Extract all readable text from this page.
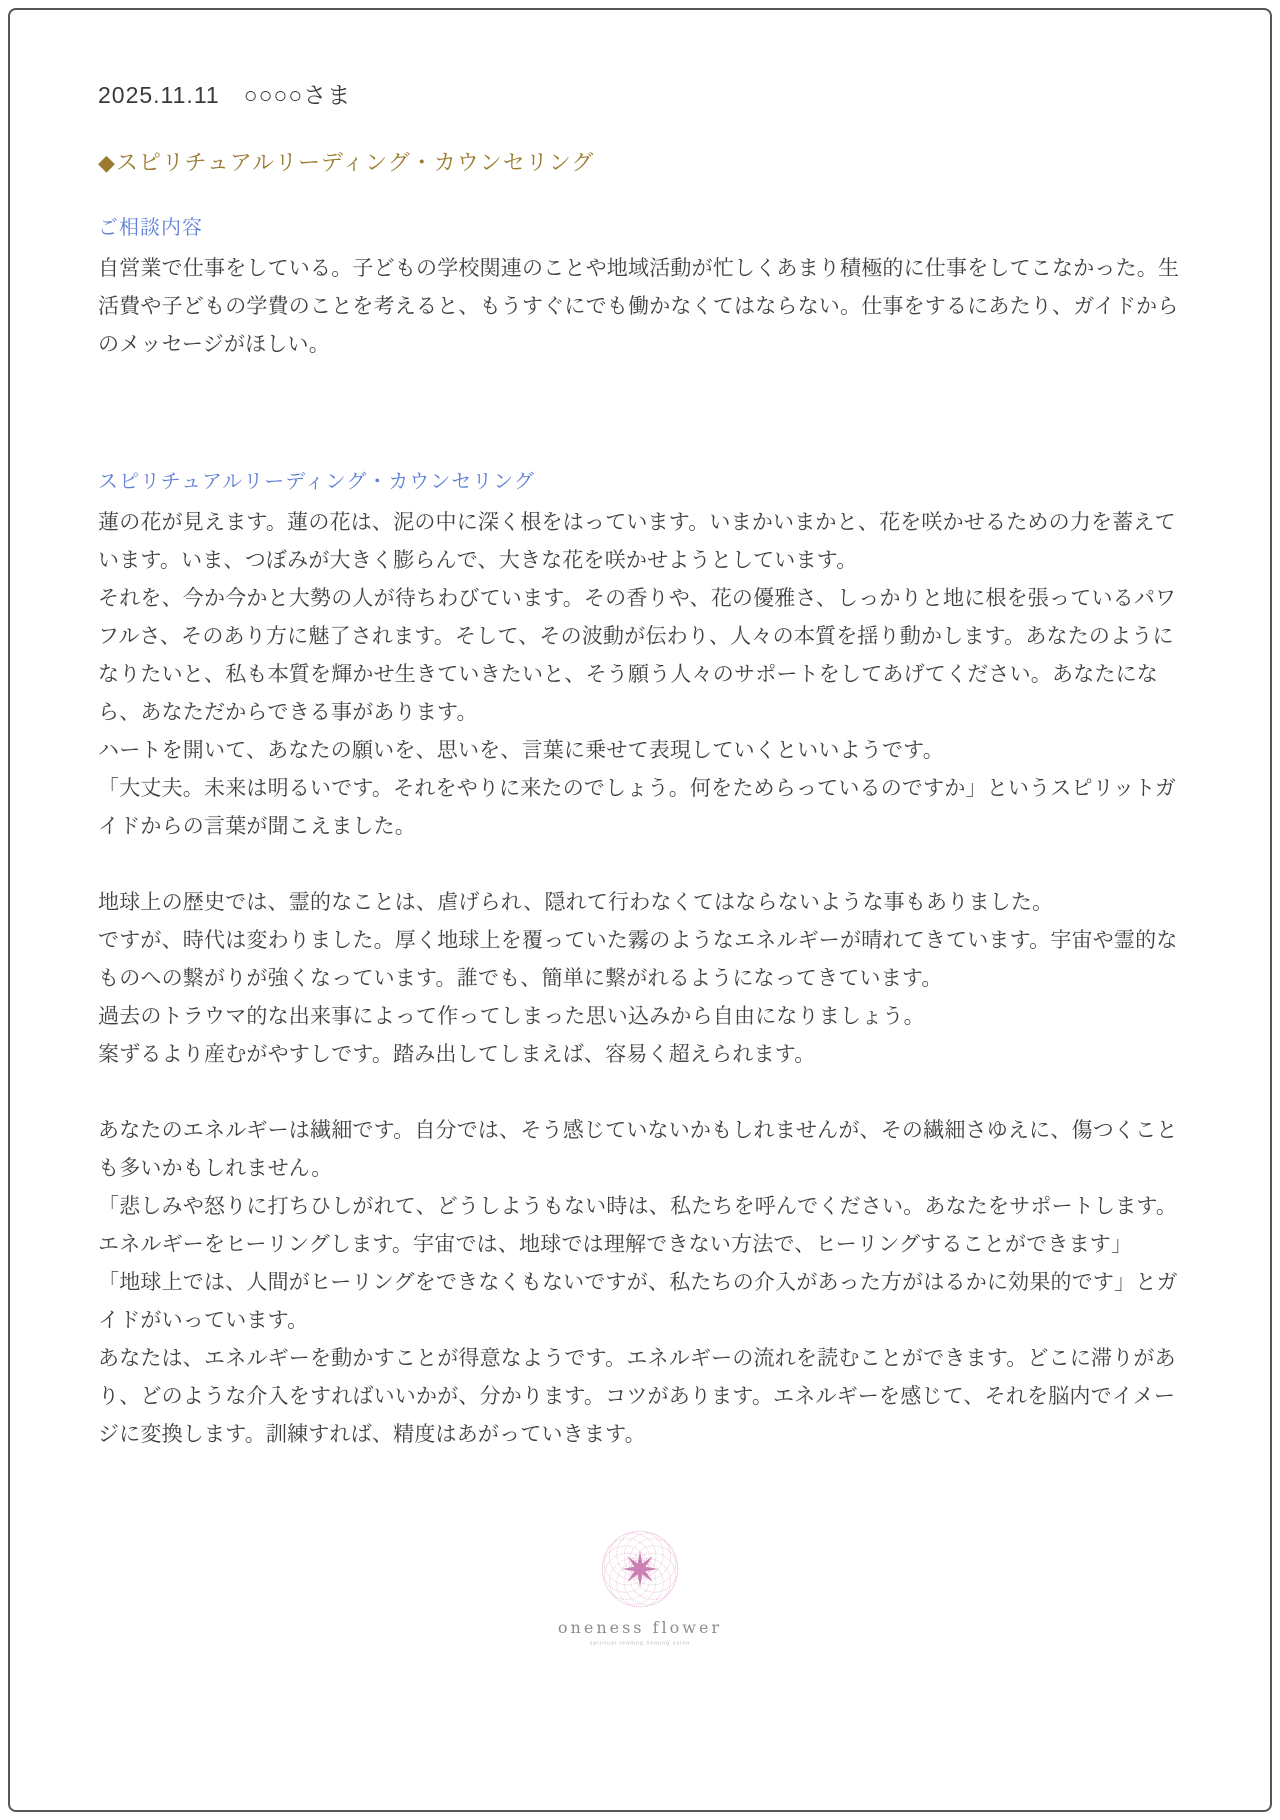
2025.11.11　○○○○さま

◆スピリチュアルリーディング・カウンセリング
ご相談内容

自営業で仕事をしている。子どもの学校関連のことや地域活動が忙しくあまり積極的に仕事をしてこなかった。生活費や子どもの学費のことを考えると、もうすぐにでも働かなくてはならない。仕事をするにあたり、ガイドからのメッセージがほしい。

スピリチュアルリーディング・カウンセリング

蓮の花が見えます。蓮の花は、泥の中に深く根をはっています。いまかいまかと、花を咲かせるための力を蓄えています。いま、つぼみが大きく膨らんで、大きな花を咲かせようとしています。

それを、今か今かと大勢の人が待ちわびています。その香りや、花の優雅さ、しっかりと地に根を張っているパワフルさ、そのあり方に魅了されます。そして、その波動が伝わり、人々の本質を揺り動かします。あなたのようになりたいと、私も本質を輝かせ生きていきたいと、そう願う人々のサポートをしてあげてください。あなたになら、あなただからできる事があります。

ハートを開いて、あなたの願いを、思いを、言葉に乗せて表現していくといいようです。

「大丈夫。未来は明るいです。それをやりに来たのでしょう。何をためらっているのですか」というスピリットガイドからの言葉が聞こえました。

地球上の歴史では、霊的なことは、虐げられ、隠れて行わなくてはならないような事もありました。

ですが、時代は変わりました。厚く地球上を覆っていた霧のようなエネルギーが晴れてきています。宇宙や霊的なものへの繋がりが強くなっています。誰でも、簡単に繋がれるようになってきています。

過去のトラウマ的な出来事によって作ってしまった思い込みから自由になりましょう。

案ずるより産むがやすしです。踏み出してしまえば、容易く超えられます。

あなたのエネルギーは繊細です。自分では、そう感じていないかもしれませんが、その繊細さゆえに、傷つくことも多いかもしれません。

「悲しみや怒りに打ちひしがれて、どうしようもない時は、私たちを呼んでください。あなたをサポートします。エネルギーをヒーリングします。宇宙では、地球では理解できない方法で、ヒーリングすることができます」

「地球上では、人間がヒーリングをできなくもないですが、私たちの介入があった方がはるかに効果的です」とガイドがいっています。

あなたは、エネルギーを動かすことが得意なようです。エネルギーの流れを読むことができます。どこに滞りがあり、どのような介入をすればいいかが、分かります。コツがあります。エネルギーを感じて、それを脳内でイメージに変換します。訓練すれば、精度はあがっていきます。

oneness flower
spiritual reading healing salon
